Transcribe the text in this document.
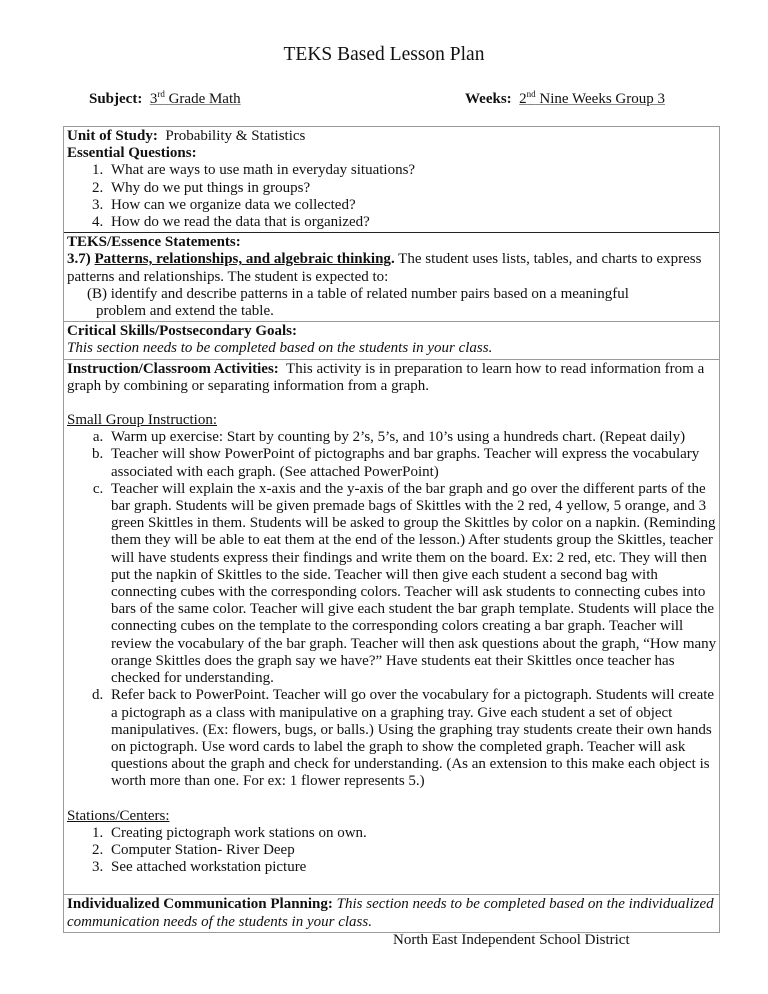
TEKS Based Lesson Plan
Subject: 3rd Grade Math	Weeks: 2nd Nine Weeks Group 3
Unit of Study: Probability & Statistics
Essential Questions:
1. What are ways to use math in everyday situations?
2. Why do we put things in groups?
3. How can we organize data we collected?
4. How do we read the data that is organized?
TEKS/Essence Statements:
3.7) Patterns, relationships, and algebraic thinking. The student uses lists, tables, and charts to express patterns and relationships. The student is expected to:
(B) identify and describe patterns in a table of related number pairs based on a meaningful
problem and extend the table.
Critical Skills/Postsecondary Goals:
This section needs to be completed based on the students in your class.
Instruction/Classroom Activities: This activity is in preparation to learn how to read information from a graph by combining or separating information from a graph.
Small Group Instruction:
a. Warm up exercise: Start by counting by 2’s, 5’s, and 10’s using a hundreds chart. (Repeat daily)
b. Teacher will show PowerPoint of pictographs and bar graphs. Teacher will express the vocabulary associated with each graph. (See attached PowerPoint)
c. Teacher will explain the x-axis and the y-axis of the bar graph and go over the different parts of the bar graph. Students will be given premade bags of Skittles with the 2 red, 4 yellow, 5 orange, and 3 green Skittles in them. Students will be asked to group the Skittles by color on a napkin. (Reminding them they will be able to eat them at the end of the lesson.) After students group the Skittles, teacher will have students express their findings and write them on the board. Ex: 2 red, etc. They will then put the napkin of Skittles to the side. Teacher will then give each student a second bag with connecting cubes with the corresponding colors. Teacher will ask students to connecting cubes into bars of the same color. Teacher will give each student the bar graph template. Students will place the connecting cubes on the template to the corresponding colors creating a bar graph. Teacher will review the vocabulary of the bar graph. Teacher will then ask questions about the graph, “How many orange Skittles does the graph say we have?” Have students eat their Skittles once teacher has checked for understanding.
d. Refer back to PowerPoint. Teacher will go over the vocabulary for a pictograph. Students will create a pictograph as a class with manipulative on a graphing tray. Give each student a set of object manipulatives. (Ex: flowers, bugs, or balls.) Using the graphing tray students create their own hands on pictograph. Use word cards to label the graph to show the completed graph. Teacher will ask questions about the graph and check for understanding. (As an extension to this make each object is worth more than one. For ex: 1 flower represents 5.)
Stations/Centers:
1. Creating pictograph work stations on own.
2. Computer Station- River Deep
3. See attached workstation picture
Individualized Communication Planning: This section needs to be completed based on the individualized communication needs of the students in your class.
North East Independent School District
